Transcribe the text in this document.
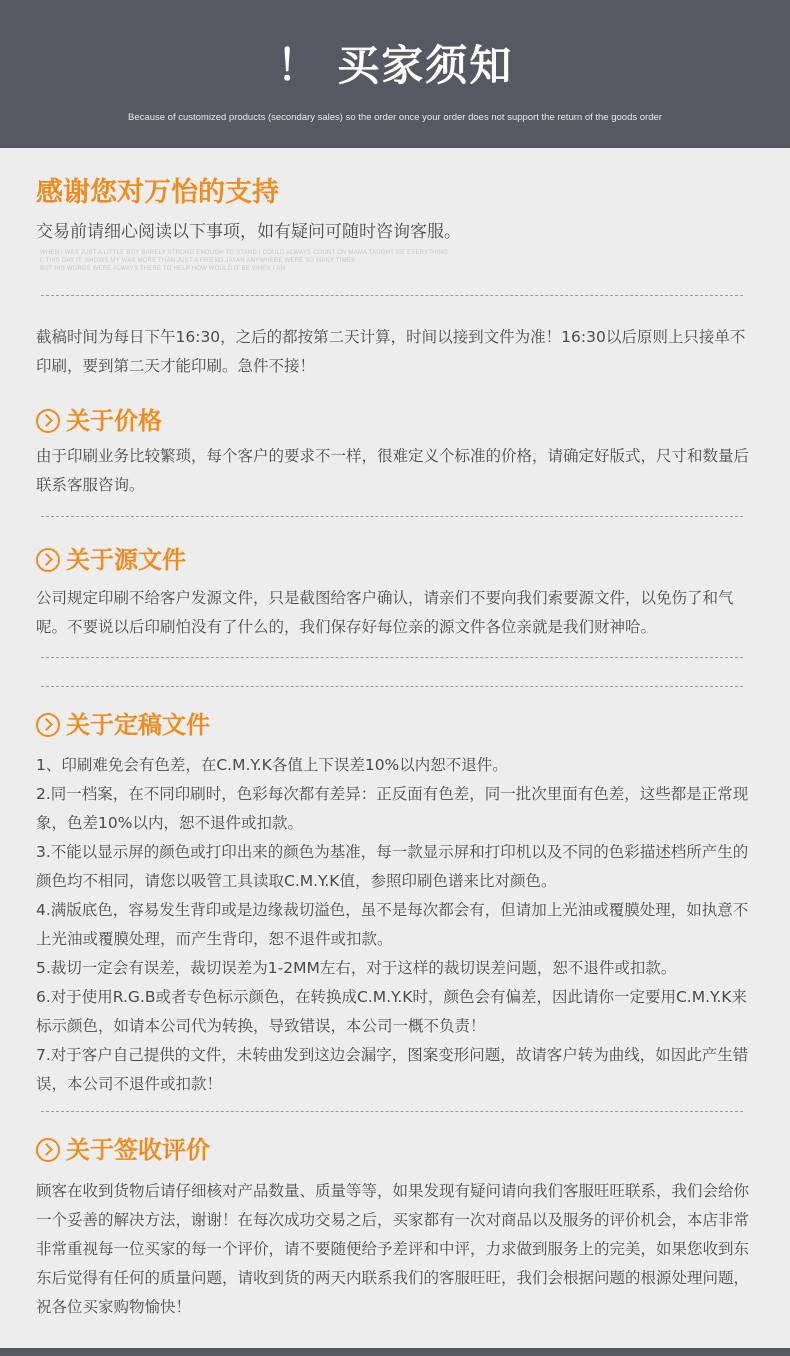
！ 买家须知
Because of customized products (secondary sales) so the order once your order does not support the return of the goods order
感谢您对万怡的支持
交易前请细心阅读以下事项，如有疑问可随时咨询客服。
WHEN I WAS JUST A LITTLE BOY BARELY STRONG ENOUGH TO STAND I COULD ALWAYS COUNT ON MAMA TAUGHT ME EVERYTHING
I, THIS DAY IT. SHOWS MY WAS MORE THAN JUST A FRIEND JAYAH ANYWHERE WERE SO MANY TIMES
BUT HIS WORDS WERE ALWAYS THERE TO HELP HOW WOULD IT BE WHEN I AM

截稿时间为每日下午16:30，之后的都按第二天计算，时间以接到文件为准！16:30以后原则上只接单不印刷，要到第二天才能印刷。急件不接！

关于价格

由于印刷业务比较繁琐，每个客户的要求不一样，很难定义个标准的价格，请确定好版式，尺寸和数量后联系客服咨询。

关于源文件

公司规定印刷不给客户发源文件，只是截图给客户确认，请亲们不要向我们索要源文件，以免伤了和气呢。不要说以后印刷怕没有了什么的，我们保存好每位亲的源文件各位亲就是我们财神哈。

关于定稿文件

1、印刷难免会有色差，在C.M.Y.K各值上下误差10%以内恕不退件。

2.同一档案，在不同印刷时，色彩每次都有差异：正反面有色差，同一批次里面有色差，这些都是正常现象，色差10%以内，恕不退件或扣款。

3.不能以显示屏的颜色或打印出来的颜色为基准，每一款显示屏和打印机以及不同的色彩描述档所产生的颜色均不相同，请您以吸管工具读取C.M.Y.K值，参照印刷色谱来比对颜色。

4.满版底色，容易发生背印或是边缘裁切溢色，虽不是每次都会有，但请加上光油或覆膜处理，如执意不上光油或覆膜处理，而产生背印，恕不退件或扣款。

5.裁切一定会有误差，裁切误差为1-2MM左右，对于这样的裁切误差问题，恕不退件或扣款。

6.对于使用R.G.B或者专色标示颜色，在转换成C.M.Y.K时，颜色会有偏差，因此请你一定要用C.M.Y.K来标示颜色，如请本公司代为转换，导致错误，本公司一概不负责！

7.对于客户自己提供的文件，未转曲发到这边会漏字，图案变形问题，故请客户转为曲线，如因此产生错误，本公司不退件或扣款！

关于签收评价

顾客在收到货物后请仔细核对产品数量、质量等等，如果发现有疑问请向我们客服旺旺联系，我们会给你一个妥善的解决方法，谢谢！在每次成功交易之后，买家都有一次对商品以及服务的评价机会，本店非常非常重视每一位买家的每一个评价，请不要随便给予差评和中评，力求做到服务上的完美，如果您收到东东后觉得有任何的质量问题，请收到货的两天内联系我们的客服旺旺，我们会根据问题的根源处理问题，祝各位买家购物愉快！
